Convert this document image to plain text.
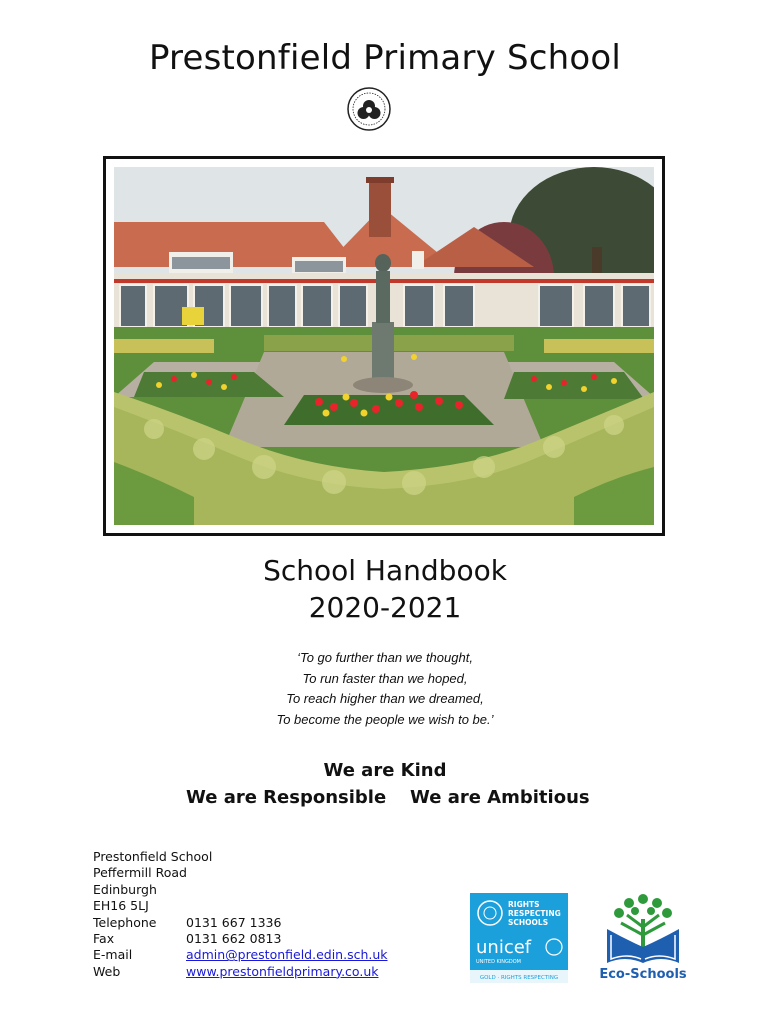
Prestonfield Primary School
School Handbook
2020-2021
‘To go further than we thought,
To run faster than we hoped,
To reach higher than we dreamed,
To become the people we wish to be.’
We are Kind
We are Responsible We are Ambitious
Prestonfield School
Peffermill Road
Edinburgh
EH16 5LJ
Telephone	0131 667 1336
Fax	0131 662 0813
E-mail	admin@prestonfield.edin.sch.uk
Web	www.prestonfieldprimary.co.uk
RIGHTS
RESPECTING
SCHOOLS
unicef
UNITED KINGDOM
GOLD · RIGHTS RESPECTING	Eco-Schools
